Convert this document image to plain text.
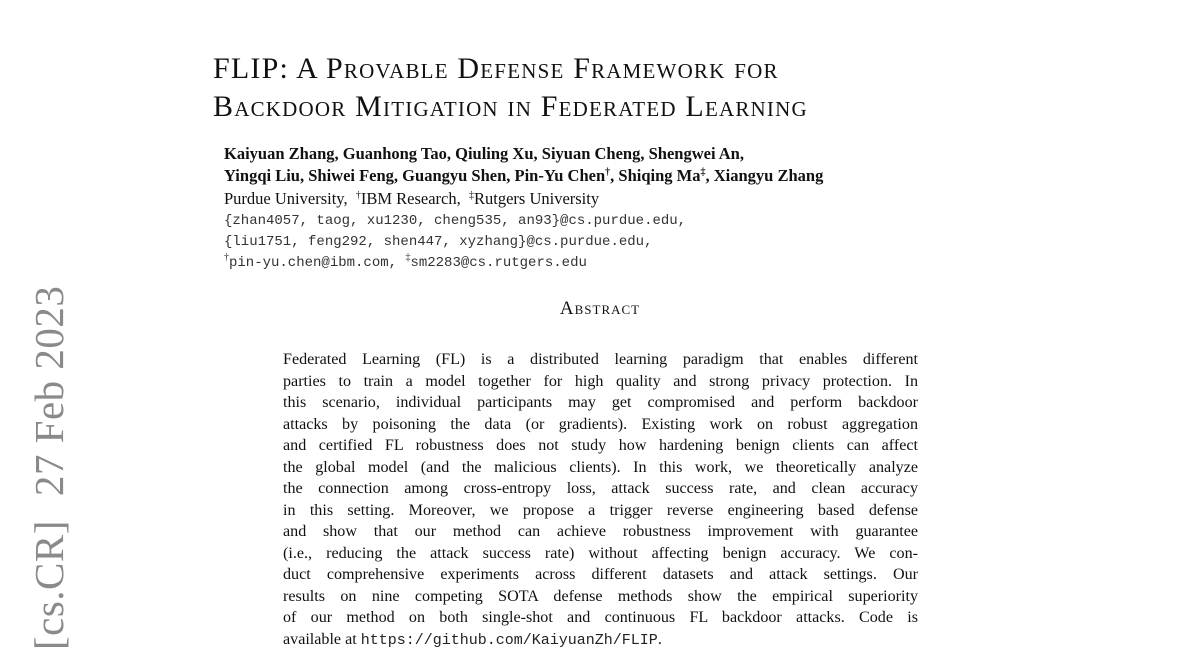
[cs.CR]27 Feb 2023
FLIP: A Provable Defense Framework for
Backdoor Mitigation in Federated Learning
Kaiyuan Zhang, Guanhong Tao, Qiuling Xu, Siyuan Cheng, Shengwei An,
Yingqi Liu, Shiwei Feng, Guangyu Shen, Pin-Yu Chen†, Shiqing Ma‡, Xiangyu Zhang
Purdue University, †IBM Research, ‡Rutgers University
{zhan4057, taog, xu1230, cheng535, an93}@cs.purdue.edu,
{liu1751, feng292, shen447, xyzhang}@cs.purdue.edu,
†pin-yu.chen@ibm.com, ‡sm2283@cs.rutgers.edu
Abstract
Federated Learning (FL) is a distributed learning paradigm that enables different
parties to train a model together for high quality and strong privacy protection. In
this scenario, individual participants may get compromised and perform backdoor
attacks by poisoning the data (or gradients). Existing work on robust aggregation
and certified FL robustness does not study how hardening benign clients can affect
the global model (and the malicious clients). In this work, we theoretically analyze
the connection among cross-entropy loss, attack success rate, and clean accuracy
in this setting. Moreover, we propose a trigger reverse engineering based defense
and show that our method can achieve robustness improvement with guarantee
(i.e., reducing the attack success rate) without affecting benign accuracy. We con-
duct comprehensive experiments across different datasets and attack settings. Our
results on nine competing SOTA defense methods show the empirical superiority
of our method on both single-shot and continuous FL backdoor attacks. Code is
available at https://github.com/KaiyuanZh/FLIP.
